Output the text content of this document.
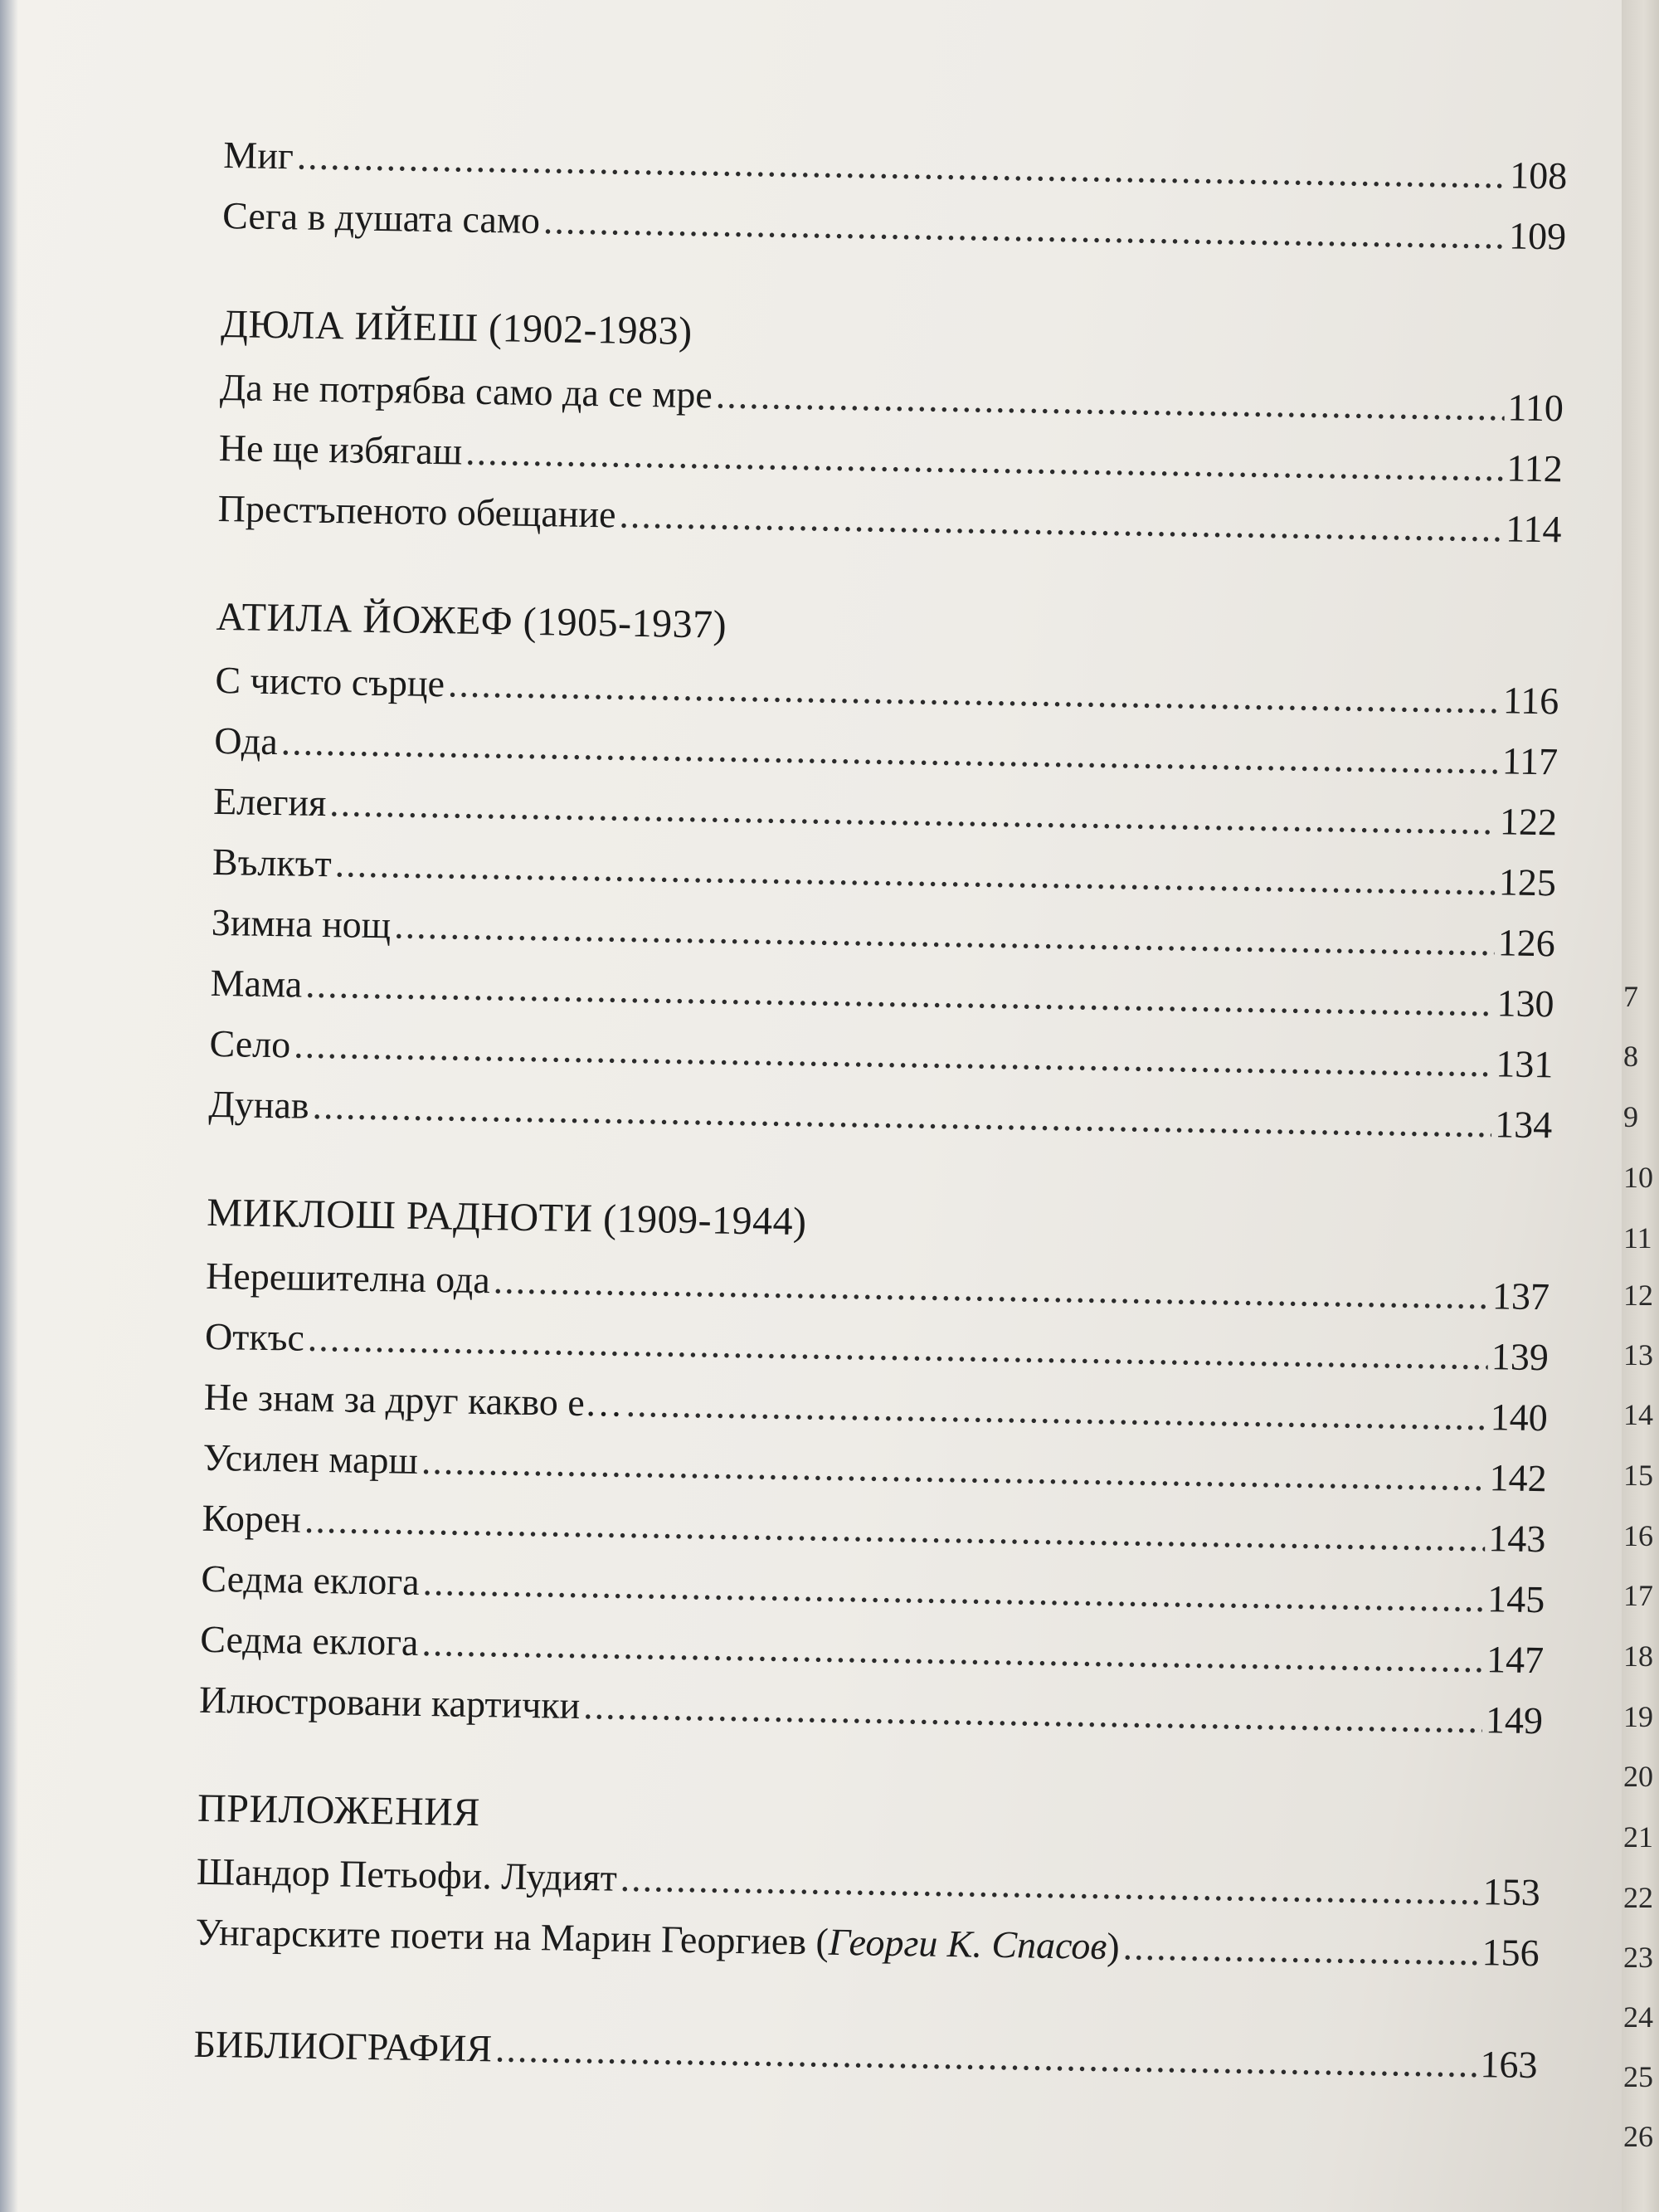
Миг .....	108
Сега в душата само .....	109
ДЮЛА ИЙЕШ (1902-1983)
Да не потрябва само да се мре .....	110
Не ще избягаш .....	112
Престъпеното обещание .....	114
АТИЛА ЙОЖЕФ (1905-1937)
С чисто сърце .....	116
Ода .....	117
Елегия .....	122
Вълкът .....	125
Зимна нощ .....	126
Мама .....	130
Село .....	131
Дунав .....	134
МИКЛОШ РАДНОТИ (1909-1944)
Нерешителна ода .....	137
Откъс .....	139
Не знам за друг какво е… .....	140
Усилен марш .....	142
Корен .....	143
Седма еклога .....	145
Седма еклога .....	147
Илюстровани картички .....	149
ПРИЛОЖЕНИЯ
Шандор Петьофи. Лудият .....	153
Унгарските поети на Марин Георгиев (Георги К. Спасов) .....	156
БИБЛИОГРАФИЯ .....	163
7
8
9
10
11
12
13
14
15
16
17
18
19
20
21
22
23
24
25
26
